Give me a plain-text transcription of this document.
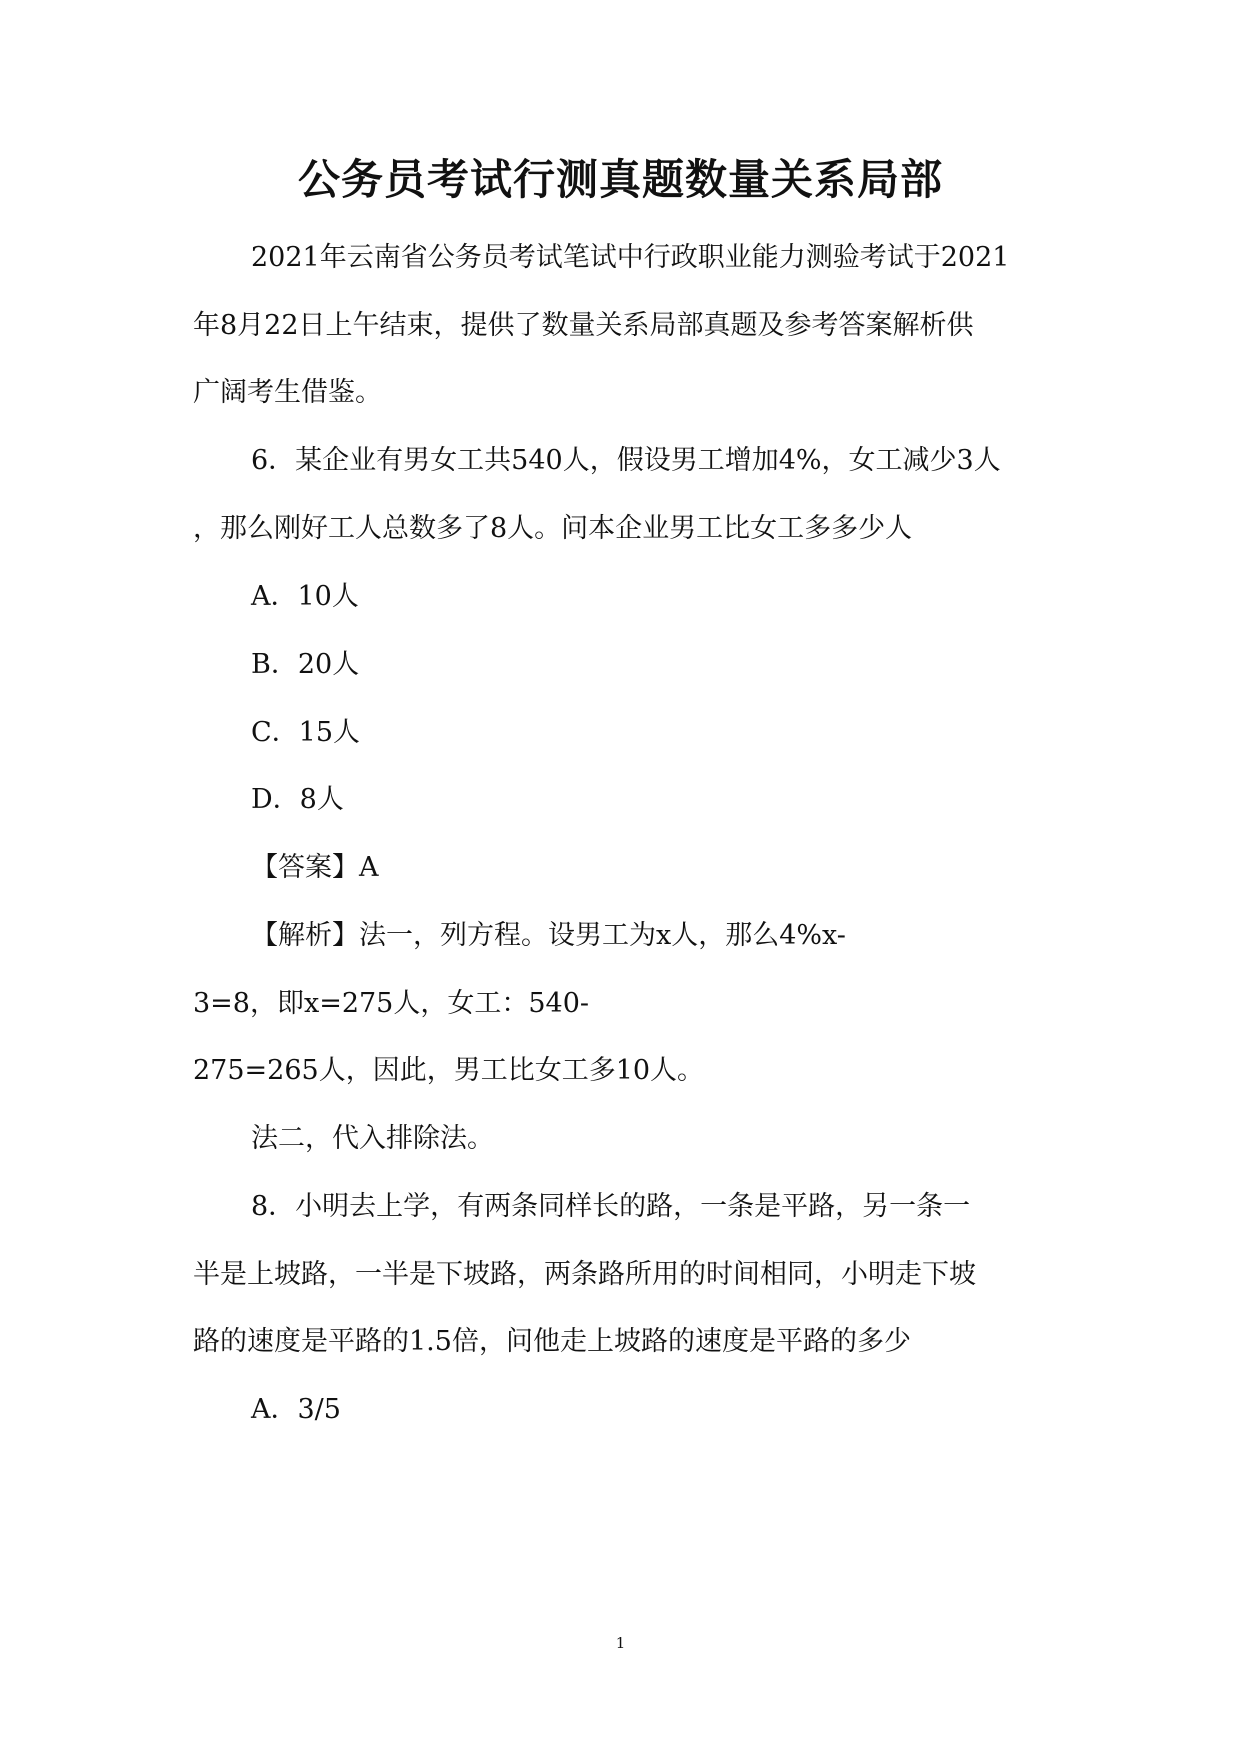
公务员考试行测真题数量关系局部
2021年云南省公务员考试笔试中行政职业能力测验考试于2021
年8月22日上午结束，提供了数量关系局部真题及参考答案解析供
广阔考生借鉴。
6．某企业有男女工共540人，假设男工增加4%，女工减少3人
，那么刚好工人总数多了8人。问本企业男工比女工多多少人
A．10人
B．20人
C．15人
D．8人
【答案】A
【解析】法一，列方程。设男工为x人，那么4%x-
3=8，即x=275人，女工：540-
275=265人，因此，男工比女工多10人。
法二，代入排除法。
8．小明去上学，有两条同样长的路，一条是平路，另一条一
半是上坡路，一半是下坡路，两条路所用的时间相同，小明走下坡
路的速度是平路的1.5倍，问他走上坡路的速度是平路的多少
A．3/5
1
